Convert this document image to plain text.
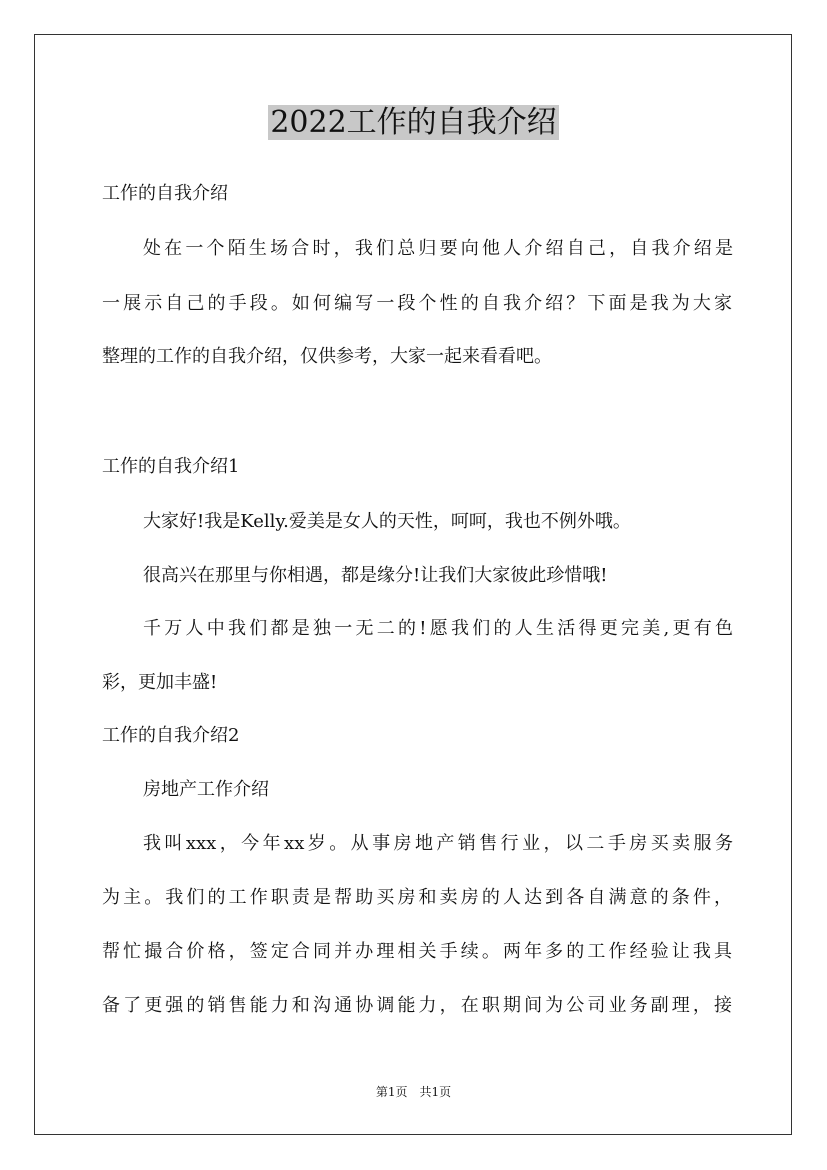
2022工作的自我介绍
工作的自我介绍
处在一个陌生场合时，我们总归要向他人介绍自己，自我介绍是
一展示自己的手段。如何编写一段个性的自我介绍？下面是我为大家
整理的工作的自我介绍，仅供参考，大家一起来看看吧。
工作的自我介绍1
大家好!我是Kelly.爱美是女人的天性，呵呵，我也不例外哦。
很高兴在那里与你相遇，都是缘分!让我们大家彼此珍惜哦!
千万人中我们都是独一无二的!愿我们的人生活得更完美,更有色
彩，更加丰盛!
工作的自我介绍2
房地产工作介绍
我叫xxx，今年xx岁。从事房地产销售行业，以二手房买卖服务
为主。我们的工作职责是帮助买房和卖房的人达到各自满意的条件，
帮忙撮合价格，签定合同并办理相关手续。两年多的工作经验让我具
备了更强的销售能力和沟通协调能力，在职期间为公司业务副理，接
第1页　共1页
